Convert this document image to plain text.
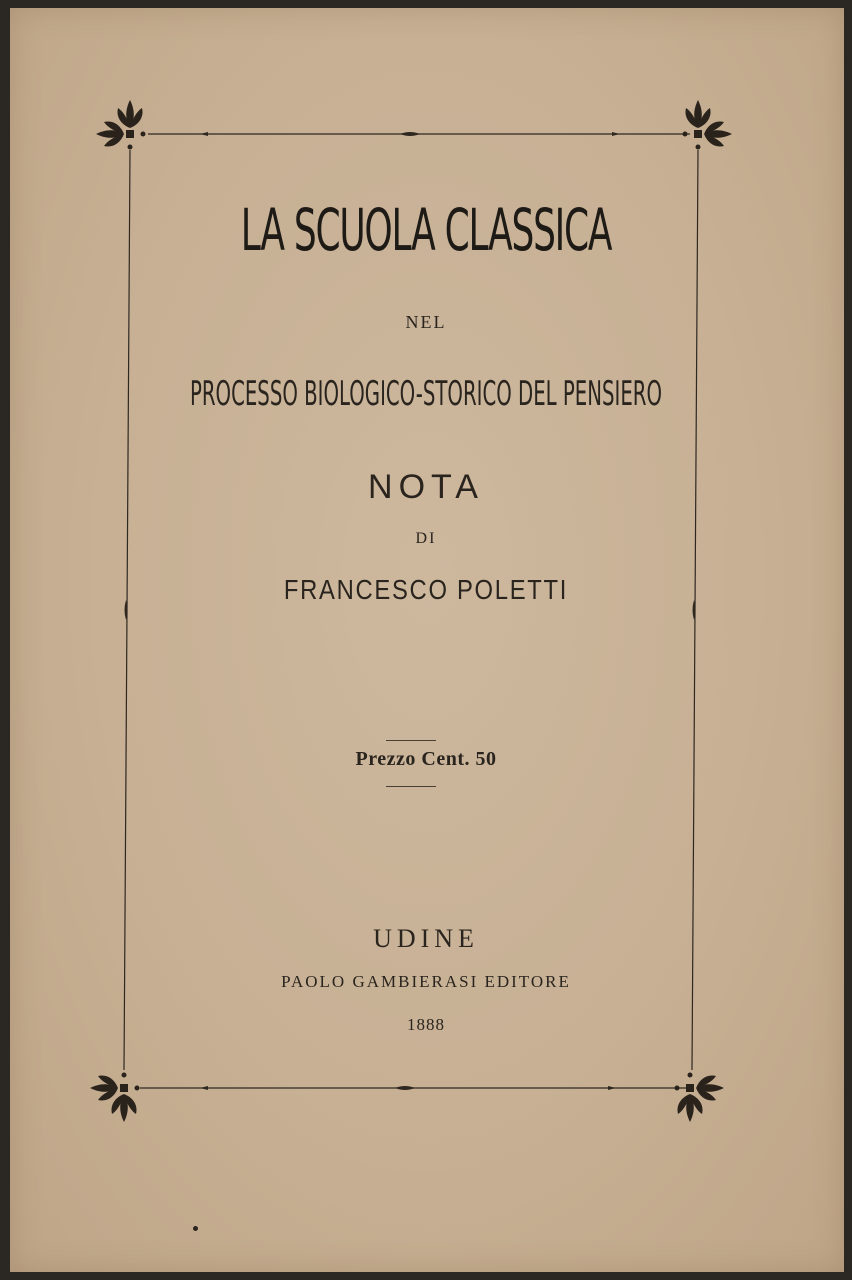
LA SCUOLA CLASSICA
NEL
PROCESSO BIOLOGICO-STORICO DEL PENSIERO
NOTA
DI
FRANCESCO POLETTI
Prezzo Cent. 50
UDINE
PAOLO GAMBIERASI EDITORE
1888
